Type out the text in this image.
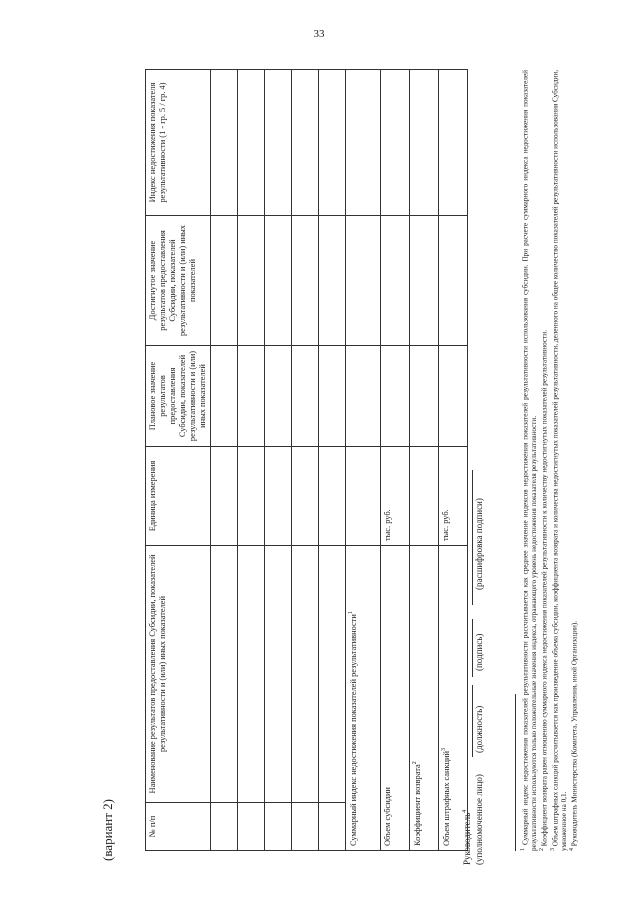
33
(вариант 2)	№ п/п	Наименование результатов предоставления Субсидии, показателей результативности и (или) иных показателей	Единица измерения	Плановое значение результатов предоставления Субсидии, показателей результативности и (или) иных показателей	Достигнутое значение результатов предоставления Субсидии, показателей результативности и (или) иных показателей	Индекс недостижения показателя результативности (1 - гр. 5 / гр. 4)

Суммарный индекс недостижения показателей результативности$^1$				
Объем субсидии		тыс. руб.			
Коэффициент возврата$^2$				
Объем штрафных санкций$^3$		тыс. руб.			
Руководитель$^4$ (уполномоченное лицо)
(должность)
(подпись)
(расшифровка подписи)

$^1$ Суммарный индекс недостижения показателей результативности рассчитывается как среднее значение индексов недостижения показателей результативности использования субсидии. При расчете суммарного индекса недостижения показателей результативности используются только положительные значения индекса, отражающего уровень недостижения показателя результативности. $^2$ Коэффициент возврата равен отношению суммарного индекса недостижения показателей результативности к количеству недостигнутых показателей результативности.

$^3$ Объем штрафных санкций рассчитывается как произведение объема субсидии, коэффициента возврата и количества недостигнутых показателей результативности, деленного на общее количество показателей результативности использования Субсидии, умноженное на 0,1. $^4$ Руководитель Министерства (Комитета, Управления, иной Организации).
